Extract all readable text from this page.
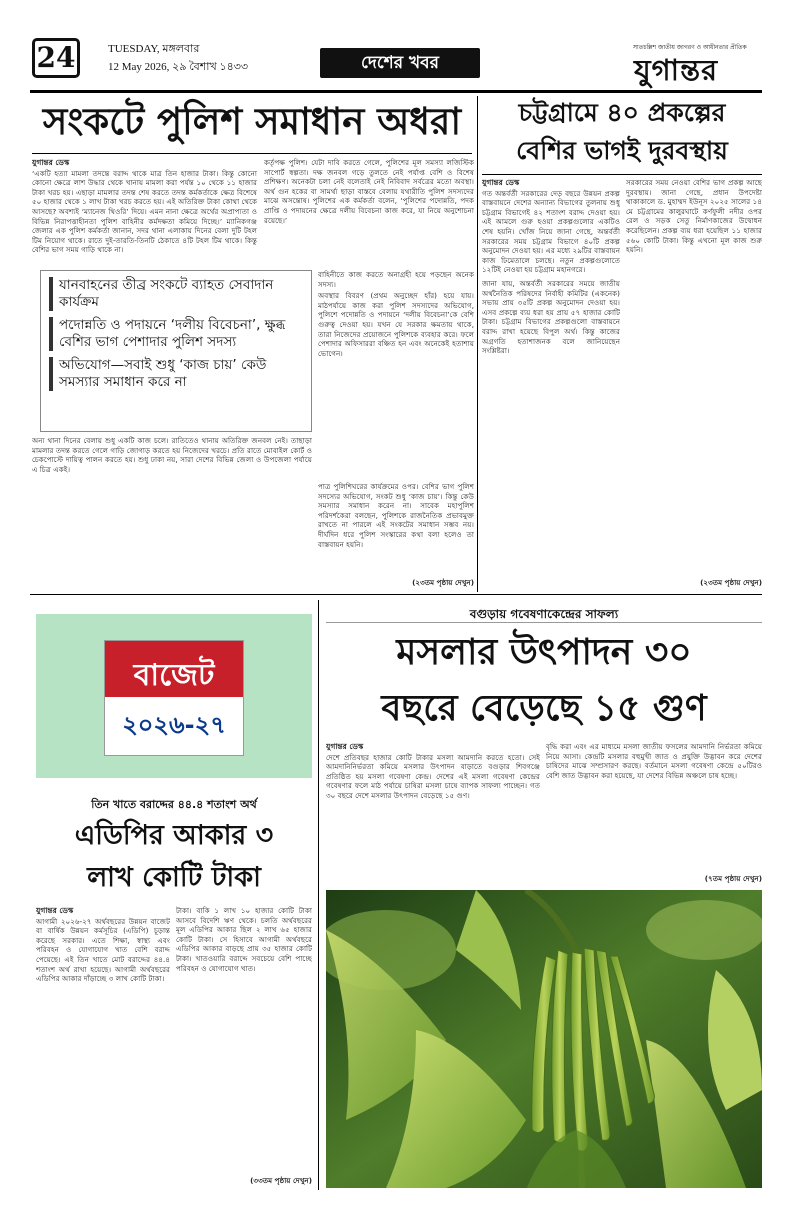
24	TUESDAY, মঙ্গলবার
12 May 2026, ২৯ বৈশাখ ১৪৩৩	দেশের খবর
সাতচল্লিশ জাতীয় জাগরণ ও আধীনতার প্রীতিক
যুগান্তর
সংকটে পুলিশ সমাধান অধরা
যুগান্তর ডেস্ক
‘একটি হত্যা মামলা তদন্তে বরাদ্দ থাকে মাত্র তিন হাজার টাকা। কিন্তু কোনো কোনো ক্ষেত্রে লাশ উদ্ধার থেকে খানায় মামলা করা পর্যন্ত ১০ থেকে ১১ হাজার টাকা খরচ হয়। এছাড়া মামলার তদন্ত শেষ করতে তদন্ত কর্মকর্তাকে ক্ষেত্র বিশেষে ৫০ হাজার থেকে ১ লাখ টাকা খরচ করতে হয়। এই অতিরিক্ত টাকা কোথা থেকে আসছে? অবশ্যই ‘ম্যানেজ থিওরি’ দিয়ে। এমন নানা ক্ষেত্রে অর্থের অপ্রাপ্যতা ও বিভিন্ন নিরাপত্তাহীনতা পুলিশ বাহিনীর কর্মদক্ষতা কমিয়ে দিচ্ছে।’ ম্যানিকগঞ্জ জেলার এক পুলিশ কর্মকর্তা জানান, সদর থানা এলাকায় দিনের বেলা দুটি টহল টিম নিয়োগ থাকে। রাতে দুই-তারতি-তিনটি ঠেকাতে ৪টি টহল টিম থাকে। কিন্তু বেশির ভাগ সময় গাড়ি থাকে না।
কর্তৃপক্ষ পুলিশ। যেটা দাবি করতে গেলে, পুলিশের মূল সমস্যা লজিস্টিক সাপোর্ট স্বল্পতা। দক্ষ জনবল গড়ে তুলতে নেই পর্যাপ্ত বেশি ও বিশেষ প্রশিক্ষণ। অনেকটা চলা নেই বলেতাই নেই নিবিবাদ সর্বত্রের মতো অবস্থা। অর্থ গুন হকের বা সামর্থ্য ছাড়া বাস্তবে বেলায় যথারীতি পুলিশ সদস্যদের মাঝে অসন্তোষ। পুলিশের এক কর্মকর্তা বলেন, ‘পুলিশের পদোন্নতি, পদক প্রাপ্তি ও পদায়নের ক্ষেত্রে দলীয় বিবেচনা কাজ করে, যা নিয়ে অনুশোচনা রয়েছে।’
যানবাহনের তীব্র সংকটে ব্যাহত সেবাদান কার্যক্রম
পদোন্নতি ও পদায়নে ‘দলীয় বিবেচনা’, ক্ষুব্ধ বেশির ভাগ পেশাদার পুলিশ সদস্য
অভিযোগ—সবাই শুধু ‘কাজ চায়’ কেউ সমস্যার সমাধান করে না
বাহিনীতে কাজ করতে অনাগ্রহী হয়ে পড়ছেন অনেক সদস্য।
অবস্থার বিবরণ (প্রথম অনুচ্ছেদ হাঁর) হয়ে যায়। মাঠপর্যায়ে কাজ করা পুলিশ সদস্যদের অভিযোগ, পুলিশে পদোন্নতি ও পদায়নে ‘দলীয় বিবেচনা’কে বেশি গুরুত্ব দেওয়া হয়। যখন যে সরকার ক্ষমতায় থাকে, তারা নিজেদের প্রয়োজনে পুলিশকে ব্যবহার করে। ফলে পেশাদার অফিসাররা বঞ্চিত হন এবং অনেকেই হতাশায় ভোগেন।
অন্য থানা দিনের বেলায় শুধু একটি কাজ চলে। রাতিতেও থানায় অতিরিক্ত জনবল নেই। তাছাড়া মামলার তদন্ত করতে গেলে গাড়ি জোগাড় করতে হয় নিজেদের খরচে। প্রতি রাতে মোবাইল কোর্ট ও চেকপোস্টে দায়িত্ব পালন করতে হয়। শুধু ঢাকা নয়, সারা দেশের বিভিন্ন জেলা ও উপজেলা পর্যায়ে এ চিত্র একই।
পাত্র পুলিশিঘরের কার্যক্রমের ওপর। বেশির ভাগ পুলিশ সদস্যের অভিযোগ, সংকট শুধু ‘কাজ চায়’। কিন্তু কেউ সমস্যার সমাধান করেন না। সাবেক মহাপুলিশ পরিদর্শকেরা বলছেন, পুলিশকে রাজনৈতিক প্রভাবমুক্ত রাখতে না পারলে এই সংকটের সমাধান সম্ভব নয়। দীর্ঘদিন ধরে পুলিশ সংস্কারের কথা বলা হলেও তা বাস্তবায়ন হয়নি।
(২৩তম পৃষ্ঠায় দেখুন)
চট্টগ্রামে ৪০ প্রকল্পের
বেশির ভাগই দুরবস্থায়
যুগান্তর ডেস্ক
গত অন্তর্বর্তী সরকারের দেড় বছরে উন্নয়ন প্রকল্প বাস্তবায়নে দেশের অন্যান্য বিভাগের তুলনায় শুধু চট্টগ্রাম বিভাগেই ৪২ শতাংশ বরাদ্দ দেওয়া হয়। এই আমলে গুরু হওয়া প্রকল্পগুলোর একটিও শেষ হয়নি। খোঁজ নিয়ে জানা গেছে, অন্তর্বর্তী সরকারের সময় চট্টগ্রাম বিভাগে ৪০টি প্রকল্প অনুমোদন দেওয়া হয়। এর মধ্যে ২৯টির বাস্তবায়ন কাজ ঢিমেতালে চলছে। নতুন প্রকল্পগুলোতে ১২টিই নেওয়া হয় চট্টগ্রাম মহানগরে।
জানা যায়, অন্তর্বর্তী সরকারের সময়ে জাতীয় অর্থনৈতিক পরিষদের নির্বাহী কমিটির (একনেক) সভায় প্রায় ৩৫টি প্রকল্প অনুমোদন দেওয়া হয়। এসব প্রকল্পে ব্যয় ধরা হয় প্রায় ৫৭ হাজার কোটি টাকা। চট্টগ্রাম বিভাগের প্রকল্পগুলো বাস্তবায়নে বরাদ্দ রাখা হয়েছে বিপুল অর্থ। কিন্তু কাজের অগ্রগতি হতাশাজনক বলে জানিয়েছেন সংশ্লিষ্টরা।
সরকারের সময় নেওয়া বেশির ভাগ প্রকল্প আছে দুরবস্থায়। জানা গেছে, প্রধান উপদেষ্টা থাকাকালে ড. মুহাম্মদ ইউনূস ২০২৫ সালের ১৪ মে চট্টগ্রামের কালুরঘাটে কর্ণফুলী নদীর ওপর রেল ও সড়ক সেতু নির্মাণকাজের উদ্বোধন করেছিলেন। প্রকল্প ব্যয় ধরা হয়েছিল ১১ হাজার ৫৬০ কোটি টাকা। কিন্তু এখনো মূল কাজ শুরু হয়নি।
(২৩তম পৃষ্ঠায় দেখুন)
বাজেট
২০২৬-২৭
তিন খাতে বরাদ্দের ৪৪.৪ শতাংশ অর্থ
এডিপির আকার ৩
লাখ কোটি টাকা
যুগান্তর ডেস্ক
আগামী ২০২৬-২৭ অর্থবছরের উন্নয়ন বাজেট বা বার্ষিক উন্নয়ন কর্মসূচির (এডিপি) চূড়ান্ত করেছে সরকার। এতে শিক্ষা, স্বাস্থ্য এবং পরিবহন ও যোগাযোগ খাত বেশি বরাদ্দ পেয়েছে। এই তিন খাতে মোট বরাদ্দের ৪৪.৪ শতাংশ অর্থ রাখা হয়েছে। আগামী অর্থবছরের এডিপির আকার দাঁড়াচ্ছে ৩ লাখ কোটি টাকা।
টাকা। বাকি ১ লাখ ১০ হাজার কোটি টাকা আসবে বিদেশি ঋণ থেকে। চলতি অর্থবছরের মূল এডিপির আকার ছিল ২ লাখ ৬৫ হাজার কোটি টাকা। সে হিসাবে আগামী অর্থবছরে এডিপির আকার বাড়ছে প্রায় ৩৫ হাজার কোটি টাকা। খাতওয়ারি বরাদ্দে সবচেয়ে বেশি পাচ্ছে পরিবহন ও যোগাযোগ খাত।
(৩৩তম পৃষ্ঠায় দেখুন)
বগুড়ায় গবেষণাকেন্দ্রের সাফল্য
মসলার উৎপাদন ৩০
বছরে বেড়েছে ১৫ গুণ
যুগান্তর ডেস্ক
দেশে প্রতিবছর হাজার কোটি টাকার মসলা আমদানি করতে হতো। সেই আমদানিনির্ভরতা কমিয়ে মসলার উৎপাদন বাড়াতে বগুড়ার শিবগঞ্জে প্রতিষ্ঠিত হয় মসলা গবেষণা কেন্দ্র। দেশের এই মসলা গবেষণা কেন্দ্রের গবেষণার ফলে মাঠ পর্যায়ে চাষিরা মসলা চাষে ব্যাপক সাফল্য পাচ্ছেন। গত ৩০ বছরে দেশে মসলার উৎপাদন বেড়েছে ১৫ গুণ।
বৃদ্ধি করা এবং এর মাধ্যমে মসলা জাতীয় ফসলের আমদানি নির্ভরতা কমিয়ে নিয়ে আসা। কেন্দ্রটি মসলার বহুমুখী জাত ও প্রযুক্তি উদ্ভাবন করে দেশের চাষিদের মাঝে সম্প্রসারণ করছে। বর্তমানে মসলা গবেষণা কেন্দ্রে ৫০টিরও বেশি জাত উদ্ভাবন করা হয়েছে, যা দেশের বিভিন্ন অঞ্চলে চাষ হচ্ছে।
(৭তম পৃষ্ঠায় দেখুন)
